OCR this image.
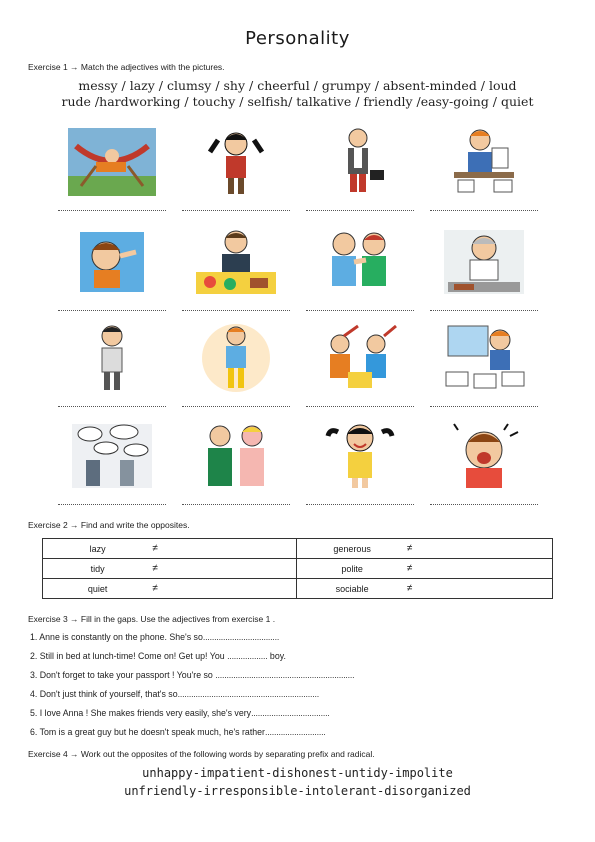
Personality
Exercise 1 → Match the adjectives with the pictures.
messy / lazy / clumsy / shy / cheerful / grumpy / absent-minded / loud
rude /hardworking / touchy / selfish/ talkative / friendly /easy-going / quiet
Exercise 2 → Find and write the opposites.
lazy	≠	generous	≠
tidy	≠	polite	≠
quiet	≠	sociable	≠
Exercise 3 → Fill in the gaps. Use the adjectives from exercise 1 .
1. Anne is constantly on the phone. She's so..................................
2. Still in bed at lunch-time! Come on! Get up! You .................. boy.
3. Don't forget to take your passport ! You're so ..............................................................
4. Don't just think of yourself, that's so...............................................................
5. I love Anna ! She makes friends very easily, she's very...................................
6. Tom is a great guy but he doesn't speak much, he's rather...........................
Exercise 4 → Work out the opposites of the following words by separating prefix and radical.
unhappy-impatient-dishonest-untidy-impolite
unfriendly-irresponsible-intolerant-disorganized
